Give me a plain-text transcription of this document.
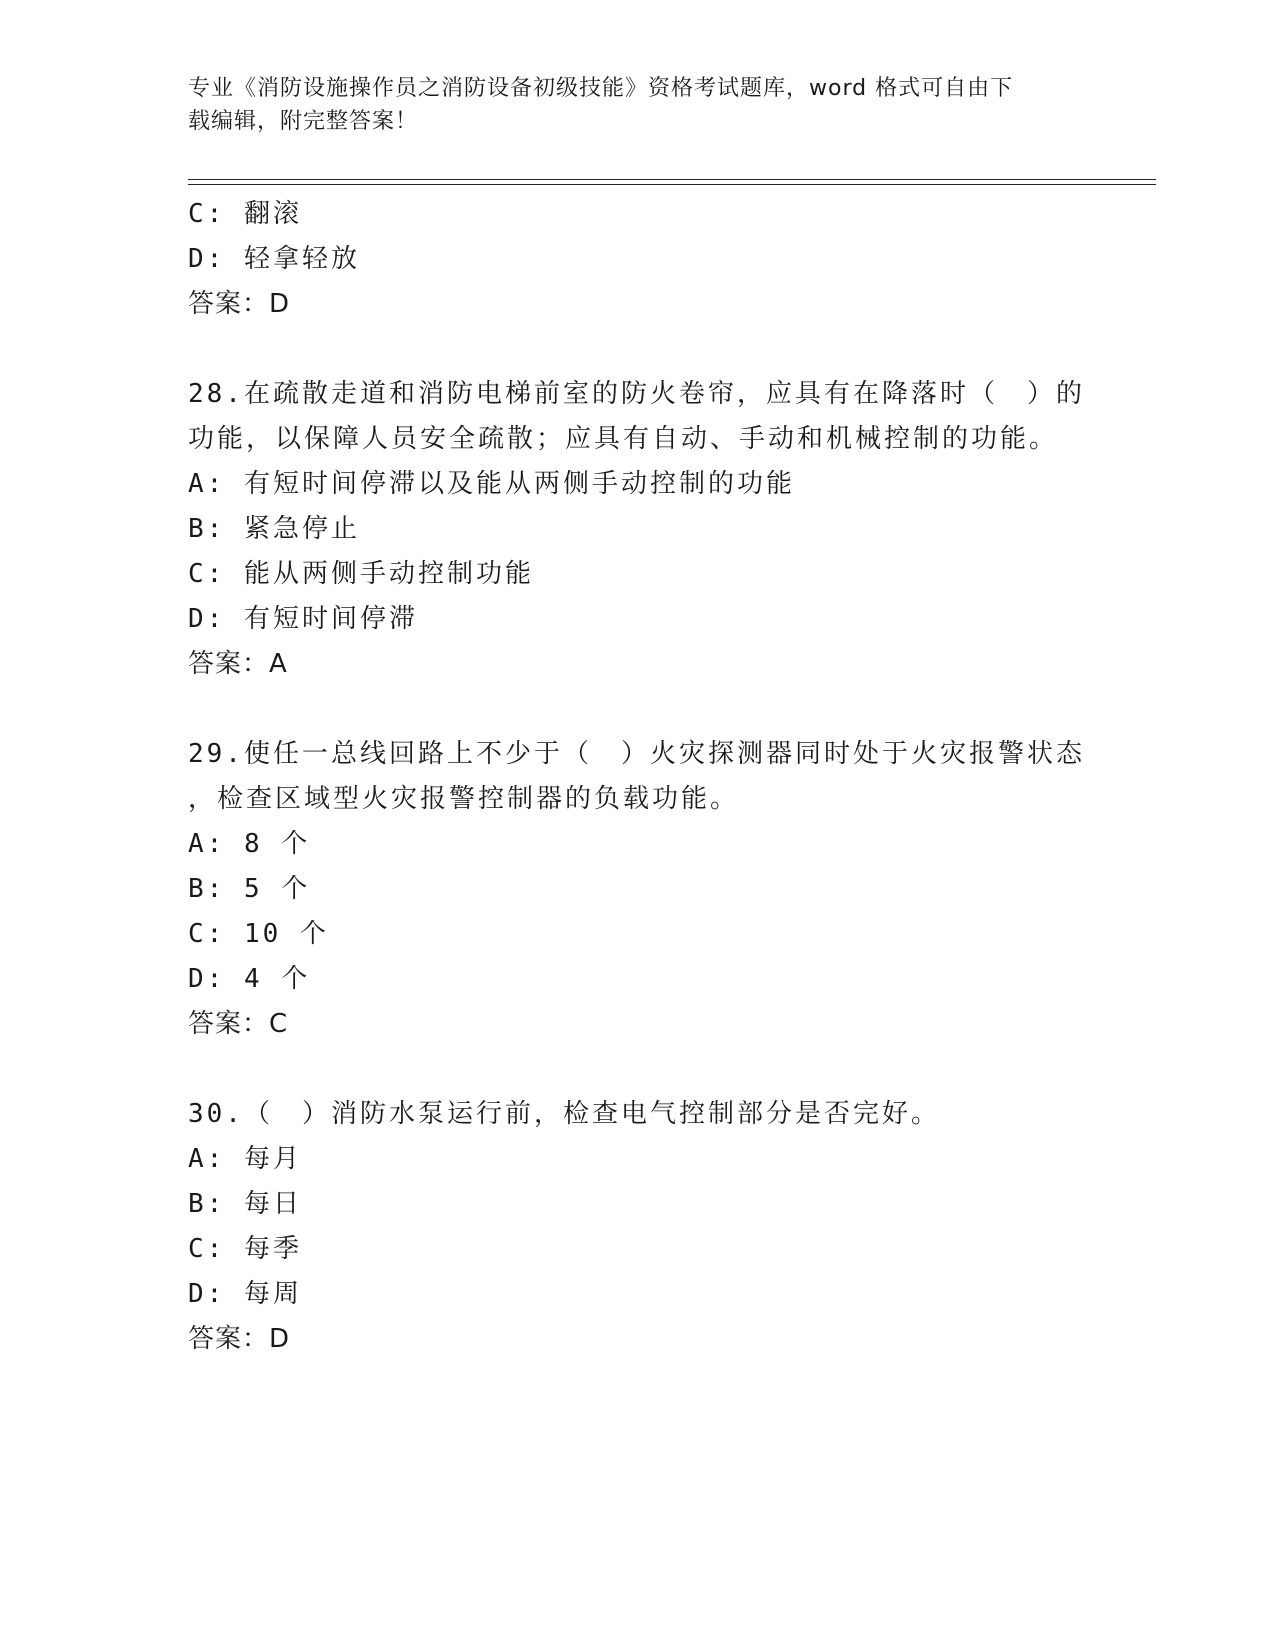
专业《消防设施操作员之消防设备初级技能》资格考试题库，word 格式可自由下
载编辑，附完整答案！
C: 翻滚
D: 轻拿轻放
答案：D
28.在疏散走道和消防电梯前室的防火卷帘，应具有在降落时（　）的
功能，以保障人员安全疏散；应具有自动、手动和机械控制的功能。
A: 有短时间停滞以及能从两侧手动控制的功能
B: 紧急停止
C: 能从两侧手动控制功能
D: 有短时间停滞
答案：A
29.使任一总线回路上不少于（　）火灾探测器同时处于火灾报警状态
，检查区域型火灾报警控制器的负载功能。
A: 8 个
B: 5 个
C: 10 个
D: 4 个
答案：C
30.（　）消防水泵运行前，检查电气控制部分是否完好。
A: 每月
B: 每日
C: 每季
D: 每周
答案：D
